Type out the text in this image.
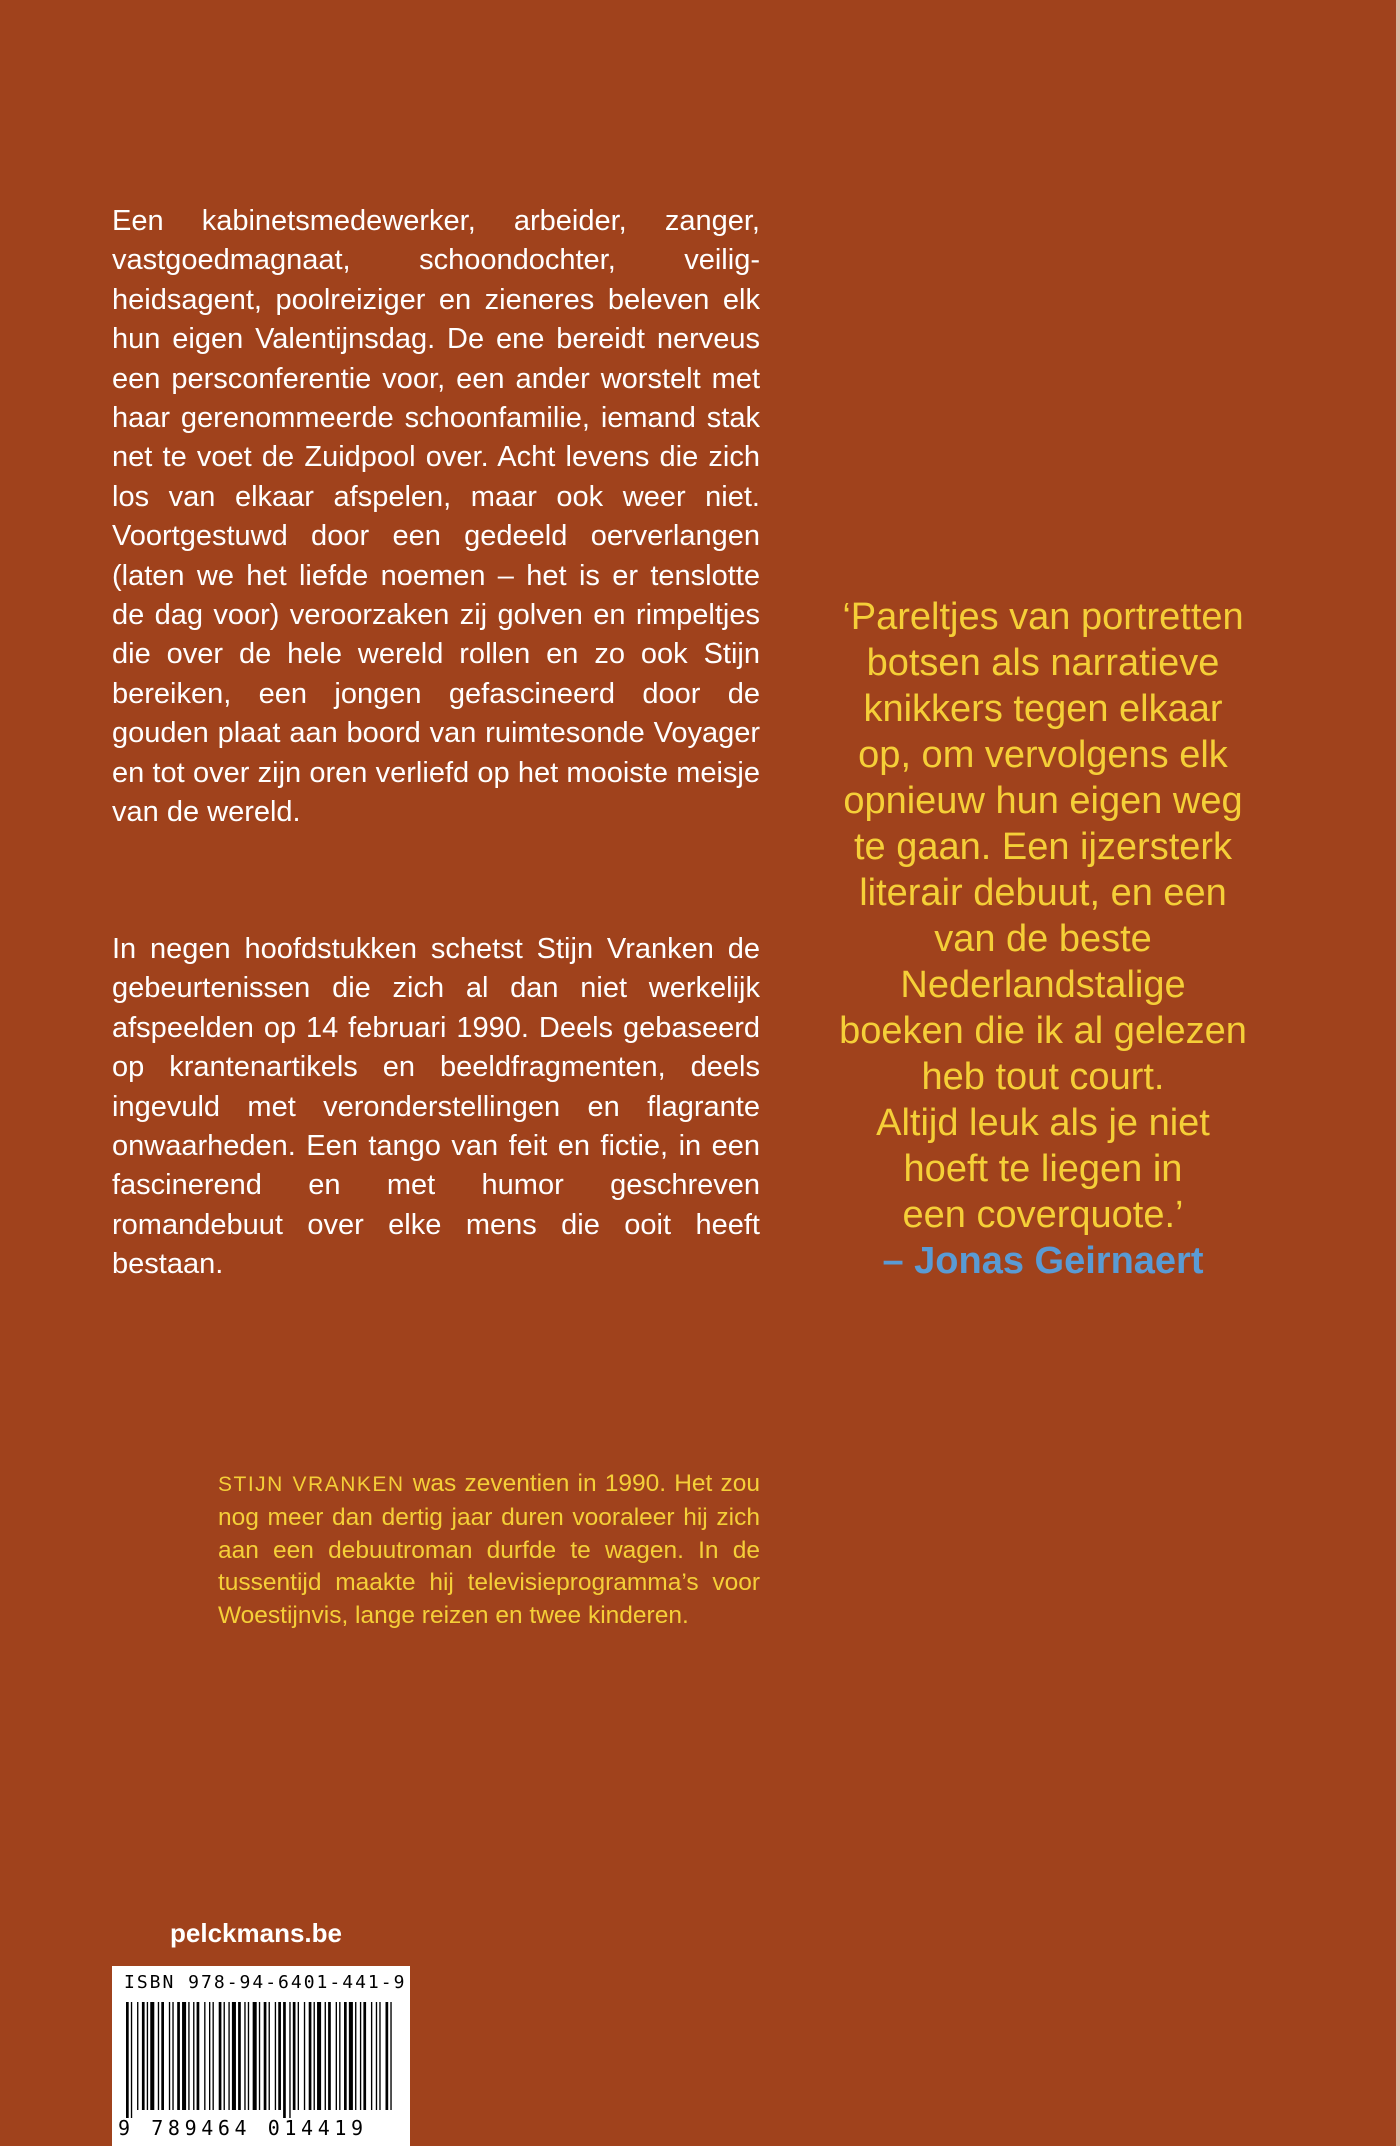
Een kabinetsmedewerker, arbeider, zanger, vastgoedmagnaat, schoondochter, veiligheidsagent, poolreiziger en zieneres beleven elk hun eigen Valentijnsdag. De ene bereidt nerveus een persconferentie voor, een ander worstelt met haar gerenommeerde schoonfamilie, iemand stak net te voet de Zuidpool over. Acht levens die zich los van elkaar afspelen, maar ook weer niet. Voortgestuwd door een gedeeld oerverlangen (laten we het liefde noemen – het is er tenslotte de dag voor) veroorzaken zij golven en rimpeltjes die over de hele wereld rollen en zo ook Stijn bereiken, een jongen gefascineerd door de gouden plaat aan boord van ruimtesonde Voyager en tot over zijn oren verliefd op het mooiste meisje van de wereld.

In negen hoofdstukken schetst Stijn Vranken de gebeurtenissen die zich al dan niet werkelijk afspeelden op 14 februari 1990. Deels gebaseerd op krantenartikels en beeldfragmenten, deels ingevuld met veronderstellingen en flagrante onwaarheden. Een tango van feit en fictie, in een fascinerend en met humor geschreven romandebuut over elke mens die ooit heeft bestaan.

‘Pareltjes van portretten
botsen als narratieve
knikkers tegen elkaar
op, om vervolgens elk
opnieuw hun eigen weg
te gaan. Een ijzersterk
literair debuut, en een
van de beste
Nederlandstalige
boeken die ik al gelezen
heb tout court.
Altijd leuk als je niet
hoeft te liegen in
een coverquote.’
– Jonas Geirnaert

STIJN VRANKEN was zeventien in 1990. Het zou nog meer dan dertig jaar duren vooraleer hij zich aan een debuutroman durfde te wagen. In de tussentijd maakte hij televisieprogramma’s voor Woestijnvis, lange reizen en twee kinderen.

pelckmans.be

ISBN 978-94-6401-441-9
9 789464 014419
